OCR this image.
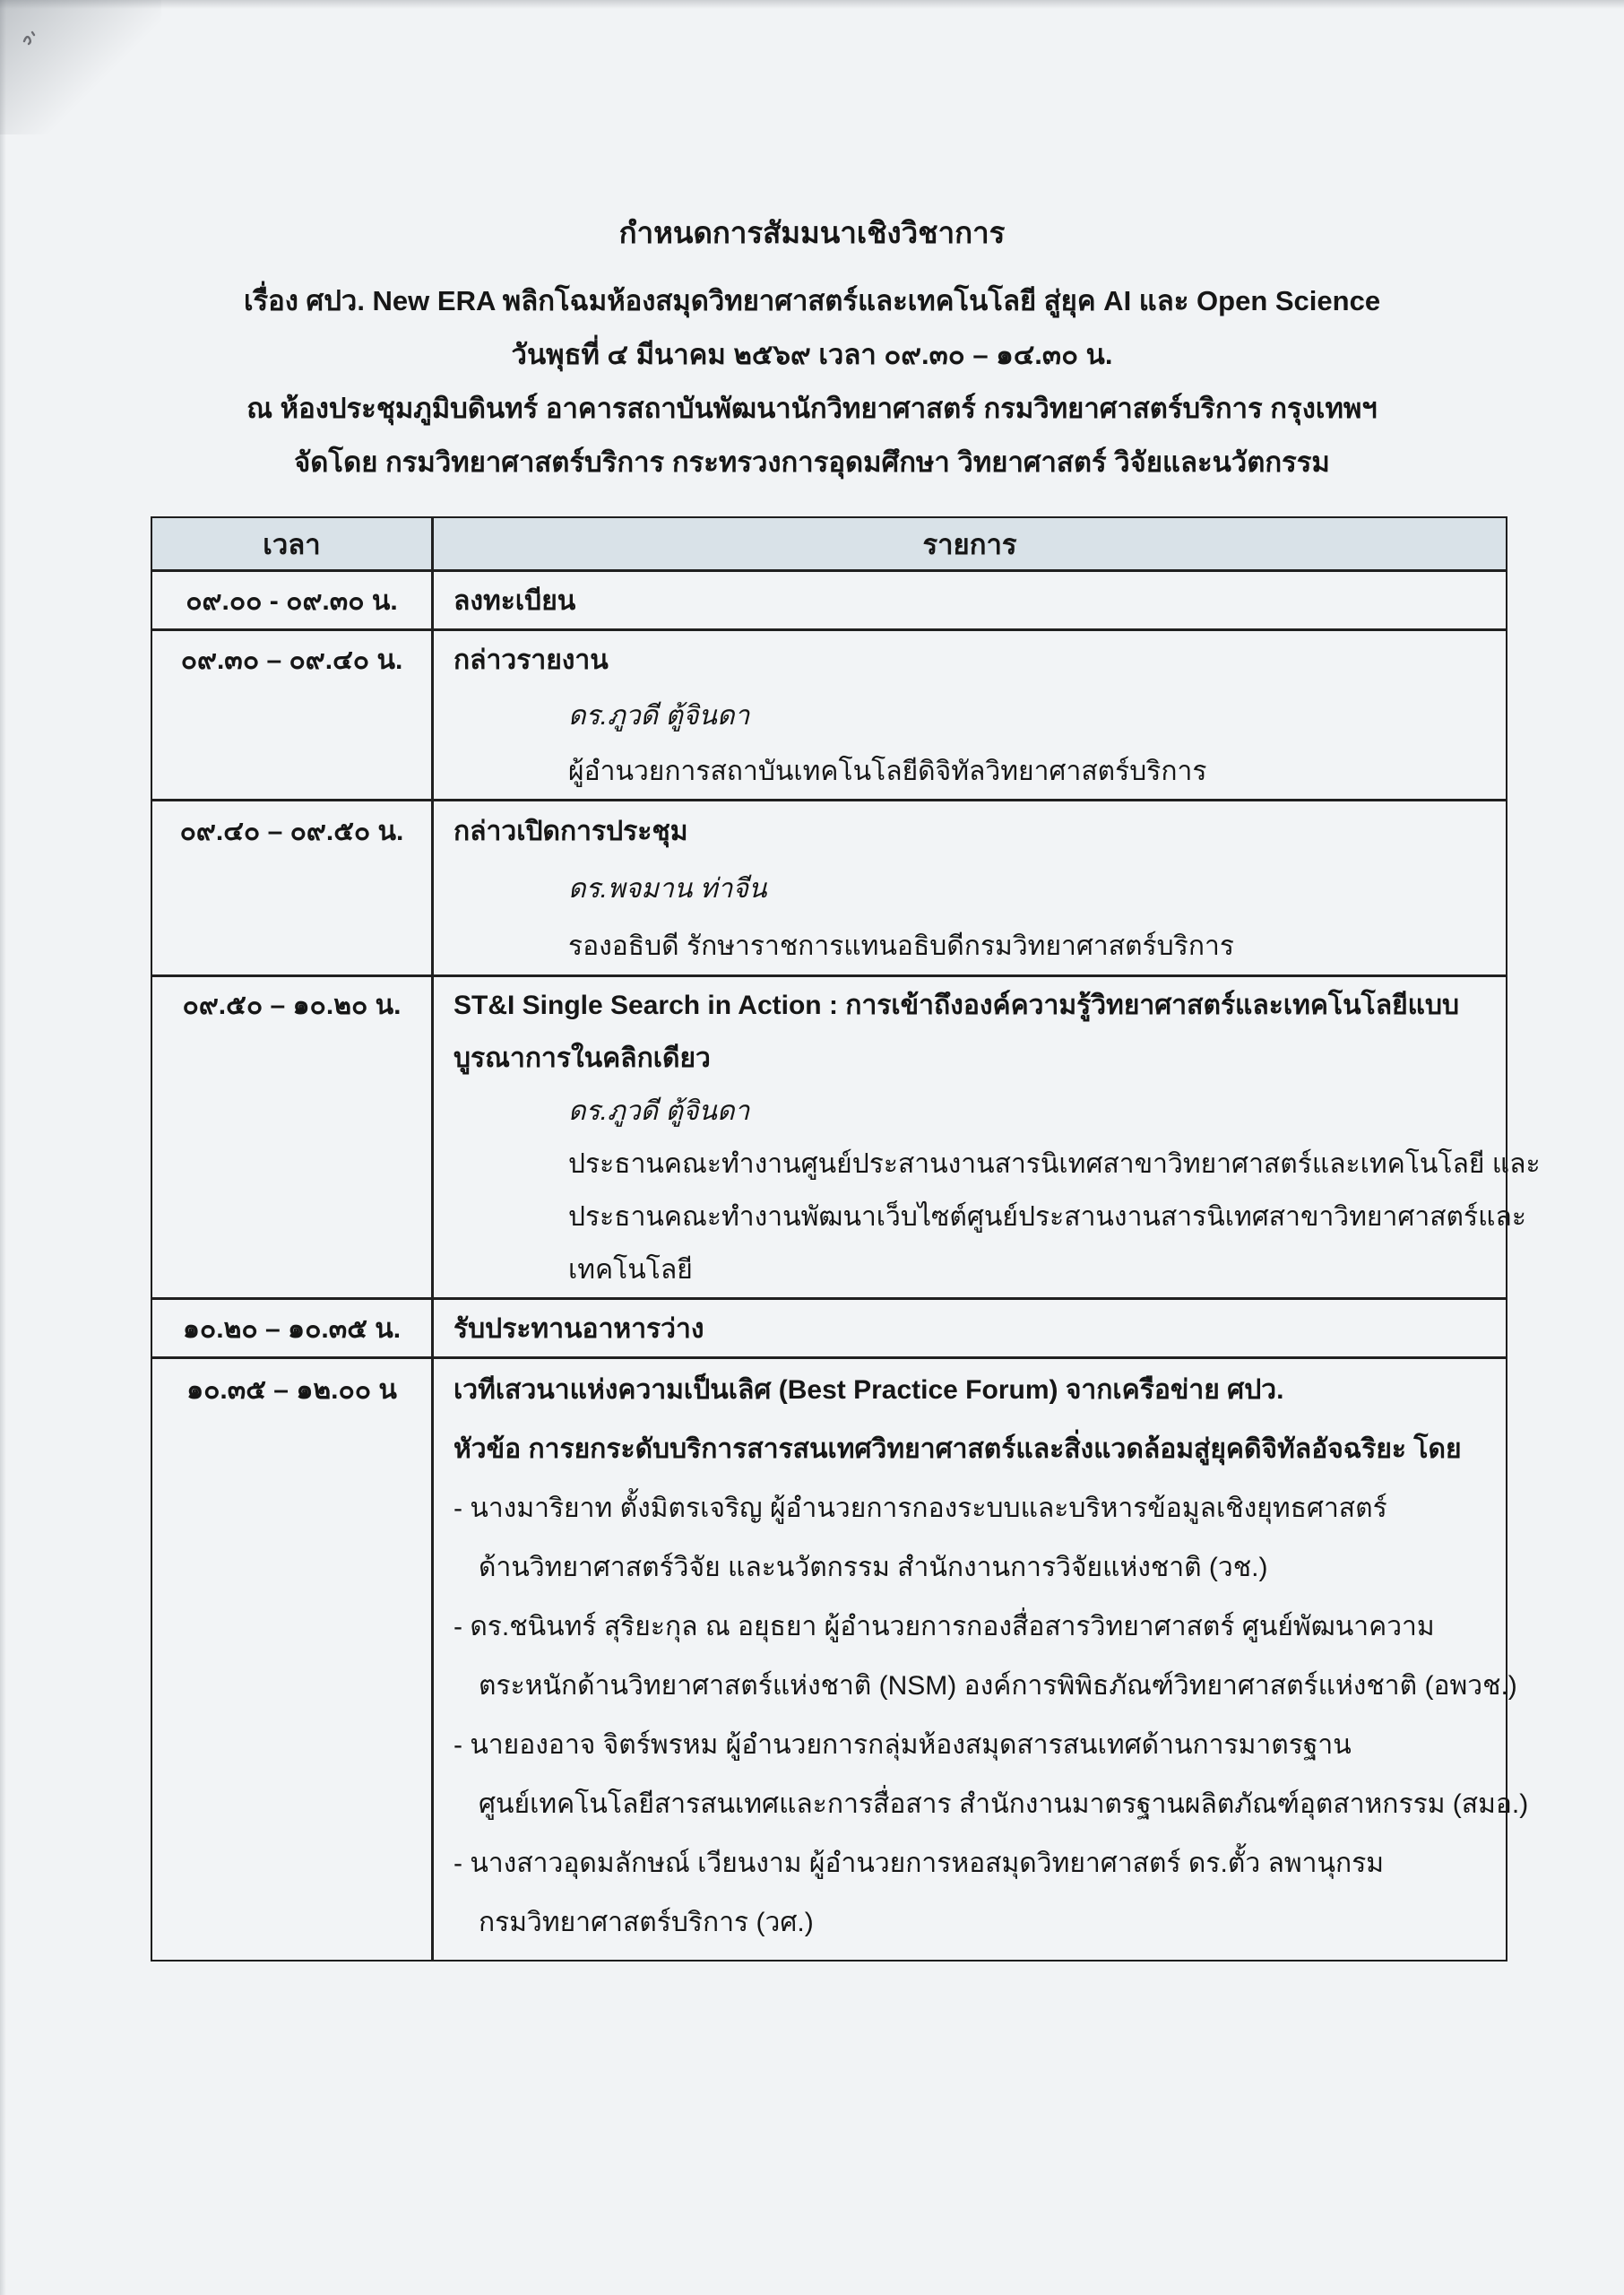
กำหนดการสัมมนาเชิงวิชาการ
เรื่อง ศปว. New ERA พลิกโฉมห้องสมุดวิทยาศาสตร์และเทคโนโลยี สู่ยุค AI และ Open Science
วันพุธที่ ๔ มีนาคม ๒๕๖๙ เวลา ๐๙.๓๐ – ๑๔.๓๐ น.
ณ ห้องประชุมภูมิบดินทร์ อาคารสถาบันพัฒนานักวิทยาศาสตร์ กรมวิทยาศาสตร์บริการ กรุงเทพฯ
จัดโดย กรมวิทยาศาสตร์บริการ กระทรวงการอุดมศึกษา วิทยาศาสตร์ วิจัยและนวัตกรรม
เวลา	รายการ
๐๙.๐๐ - ๐๙.๓๐ น.	ลงทะเบียน
๐๙.๓๐ – ๐๙.๔๐ น.	กล่าวรายงาน
ดร.ภูวดี ตู้จินดา
ผู้อำนวยการสถาบันเทคโนโลยีดิจิทัลวิทยาศาสตร์บริการ
๐๙.๔๐ – ๐๙.๕๐ น.	กล่าวเปิดการประชุม
ดร.พจมาน ท่าจีน
รองอธิบดี รักษาราชการแทนอธิบดีกรมวิทยาศาสตร์บริการ
๐๙.๕๐ – ๑๐.๒๐ น.	ST&I Single Search in Action : การเข้าถึงองค์ความรู้วิทยาศาสตร์และเทคโนโลยีแบบ
บูรณาการในคลิกเดียว
ดร.ภูวดี ตู้จินดา
ประธานคณะทำงานศูนย์ประสานงานสารนิเทศสาขาวิทยาศาสตร์และเทคโนโลยี และ
ประธานคณะทำงานพัฒนาเว็บไซต์ศูนย์ประสานงานสารนิเทศสาขาวิทยาศาสตร์และ
เทคโนโลยี
๑๐.๒๐ – ๑๐.๓๕ น.	รับประทานอาหารว่าง
๑๐.๓๕ – ๑๒.๐๐ น	เวทีเสวนาแห่งความเป็นเลิศ (Best Practice Forum) จากเครือข่าย ศปว.
หัวข้อ การยกระดับบริการสารสนเทศวิทยาศาสตร์และสิ่งแวดล้อมสู่ยุคดิจิทัลอัจฉริยะ โดย
- นางมาริยาท ตั้งมิตรเจริญ ผู้อำนวยการกองระบบและบริหารข้อมูลเชิงยุทธศาสตร์
ด้านวิทยาศาสตร์วิจัย และนวัตกรรม สำนักงานการวิจัยแห่งชาติ (วช.)
- ดร.ชนินทร์ สุริยะกุล ณ อยุธยา ผู้อำนวยการกองสื่อสารวิทยาศาสตร์ ศูนย์พัฒนาความ
ตระหนักด้านวิทยาศาสตร์แห่งชาติ (NSM) องค์การพิพิธภัณฑ์วิทยาศาสตร์แห่งชาติ (อพวช.)
- นายองอาจ จิตร์พรหม ผู้อำนวยการกลุ่มห้องสมุดสารสนเทศด้านการมาตรฐาน
ศูนย์เทคโนโลยีสารสนเทศและการสื่อสาร สำนักงานมาตรฐานผลิตภัณฑ์อุตสาหกรรม (สมอ.)
- นางสาวอุดมลักษณ์ เวียนงาม ผู้อำนวยการหอสมุดวิทยาศาสตร์ ดร.ตั้ว ลพานุกรม
กรมวิทยาศาสตร์บริการ (วศ.)
